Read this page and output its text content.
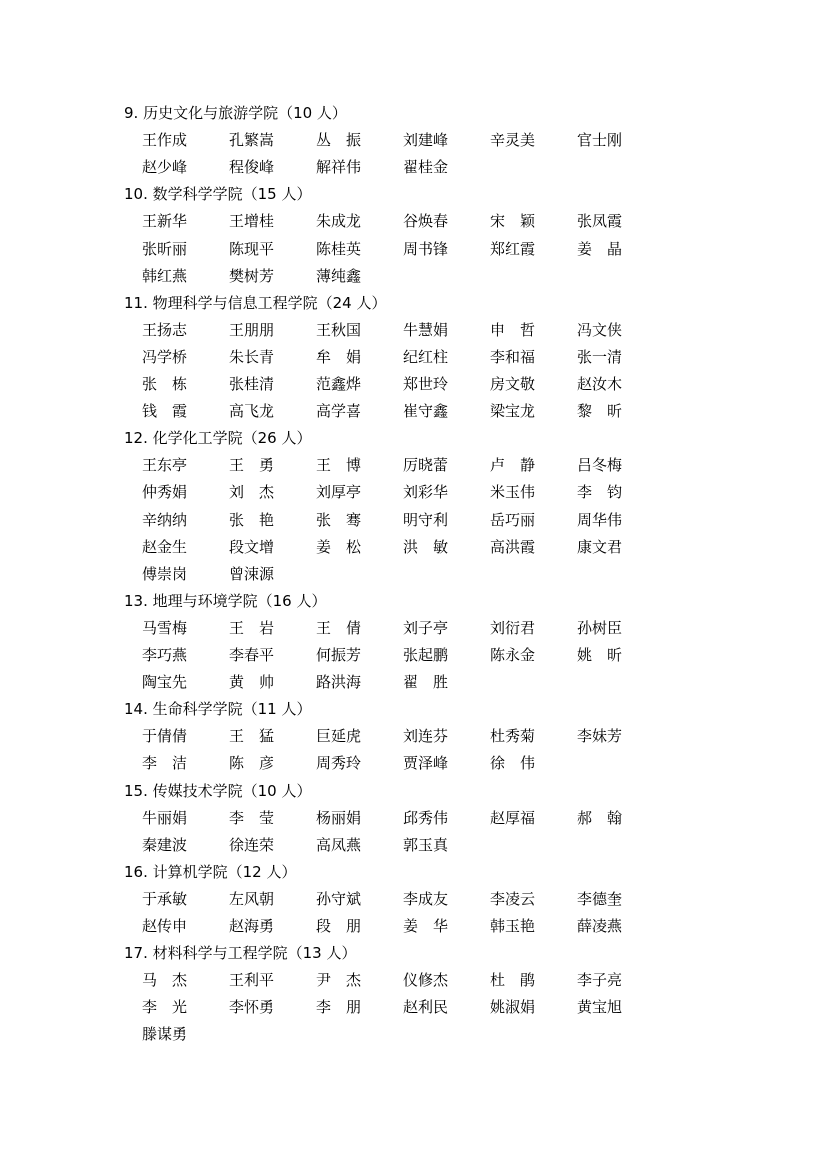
9. 历史文化与旅游学院（10 人）
王作成	孔繁嵩	丛　振	刘建峰	辛灵美	官士刚
赵少峰	程俊峰	解祥伟	翟桂金
10. 数学科学学院（15 人）
王新华	王增桂	朱成龙	谷焕春	宋　颖	张凤霞
张昕丽	陈现平	陈桂英	周书锋	郑红霞	姜　晶
韩红燕	樊树芳	薄纯鑫
11. 物理科学与信息工程学院（24 人）
王扬志	王朋朋	王秋国	牛慧娟	申　哲	冯文侠
冯学桥	朱长青	牟　娟	纪红柱	李和福	张一清
张　栋	张桂清	范鑫烨	郑世玲	房文敬	赵汝木
钱　霞	高飞龙	高学喜	崔守鑫	梁宝龙	黎　昕
12. 化学化工学院（26 人）
王东亭	王　勇	王　博	厉晓蕾	卢　静	吕冬梅
仲秀娟	刘　杰	刘厚亭	刘彩华	米玉伟	李　钧
辛纳纳	张　艳	张　骞	明守利	岳巧丽	周华伟
赵金生	段文增	姜　松	洪　敏	高洪霞	康文君
傅崇岗	曾涑源
13. 地理与环境学院（16 人）
马雪梅	王　岩	王　倩	刘子亭	刘衍君	孙树臣
李巧燕	李春平	何振芳	张起鹏	陈永金	姚　昕
陶宝先	黄　帅	路洪海	翟　胜
14. 生命科学学院（11 人）
于倩倩	王　猛	巨延虎	刘连芬	杜秀菊	李妹芳
李　洁	陈　彦	周秀玲	贾泽峰	徐　伟
15. 传媒技术学院（10 人）
牛丽娟	李　莹	杨丽娟	邱秀伟	赵厚福	郝　翰
秦建波	徐连荣	高凤燕	郭玉真
16. 计算机学院（12 人）
于承敏	左风朝	孙守斌	李成友	李凌云	李德奎
赵传申	赵海勇	段　朋	姜　华	韩玉艳	薛凌燕
17. 材料科学与工程学院（13 人）
马　杰	王利平	尹　杰	仪修杰	杜　鹃	李子亮
李　光	李怀勇	李　朋	赵利民	姚淑娟	黄宝旭
滕谋勇
